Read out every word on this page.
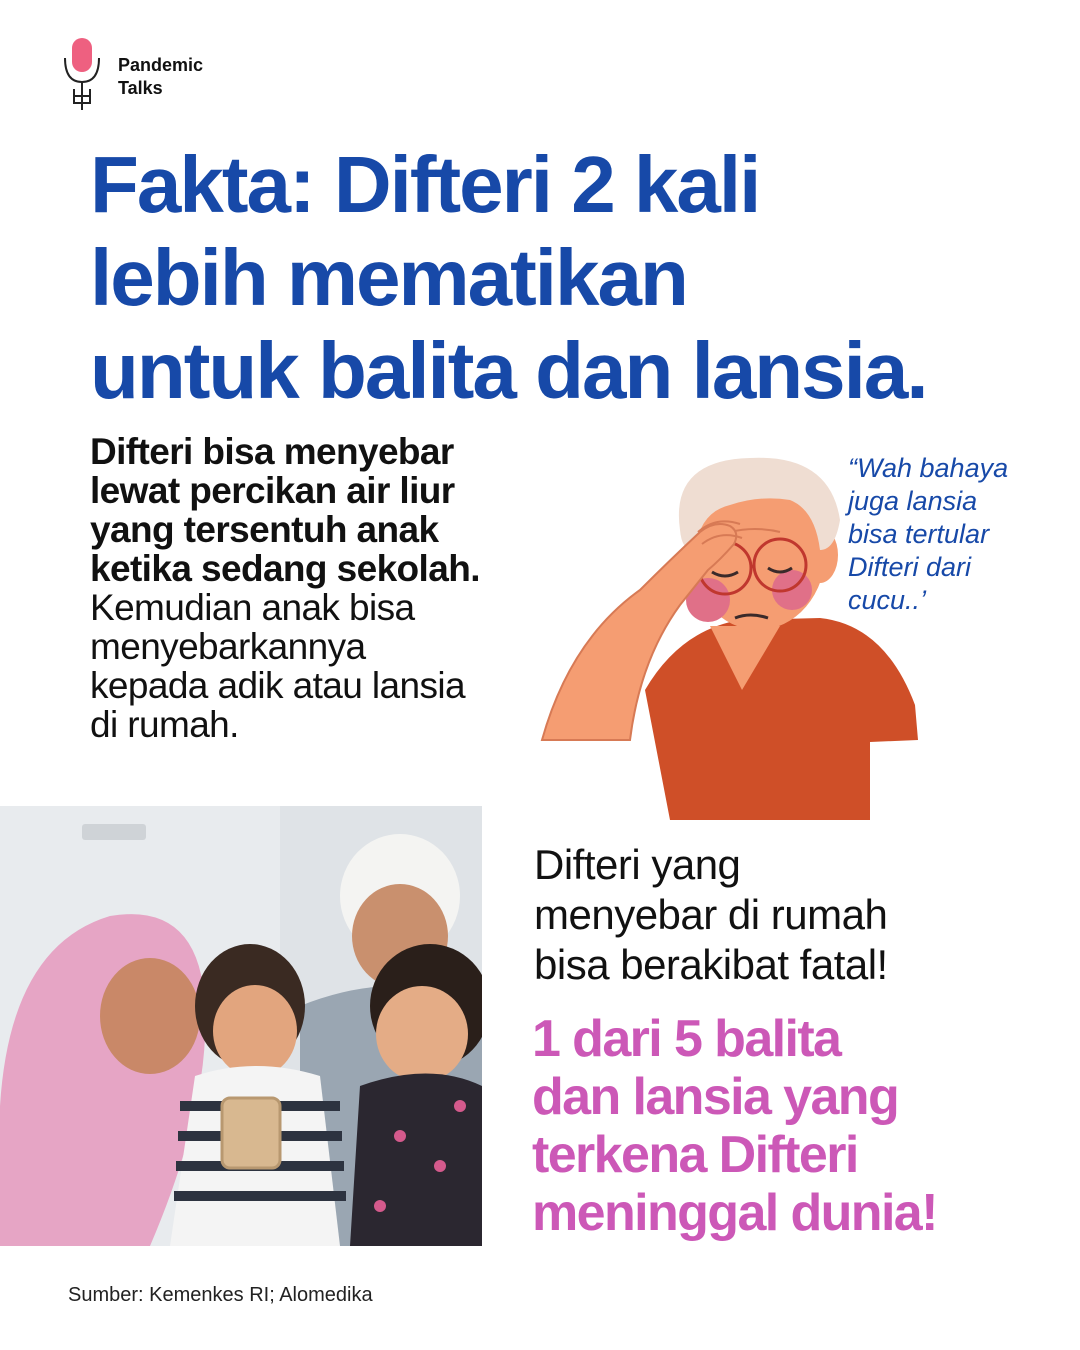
Pandemic
Talks
Fakta: Difteri 2 kali
lebih mematikan
untuk balita dan lansia.
Difteri bisa menyebar
lewat percikan air liur
yang tersentuh anak
ketika sedang sekolah.
Kemudian anak bisa
menyebarkannya
kepada adik atau lansia
di rumah.
“Wah bahaya
juga lansia
bisa tertular
Difteri dari
cucu..’
Difteri yang
menyebar di rumah
bisa berakibat fatal!
1 dari 5 balita
dan lansia yang
terkena Difteri
meninggal dunia!
Sumber: Kemenkes RI; Alomedika
